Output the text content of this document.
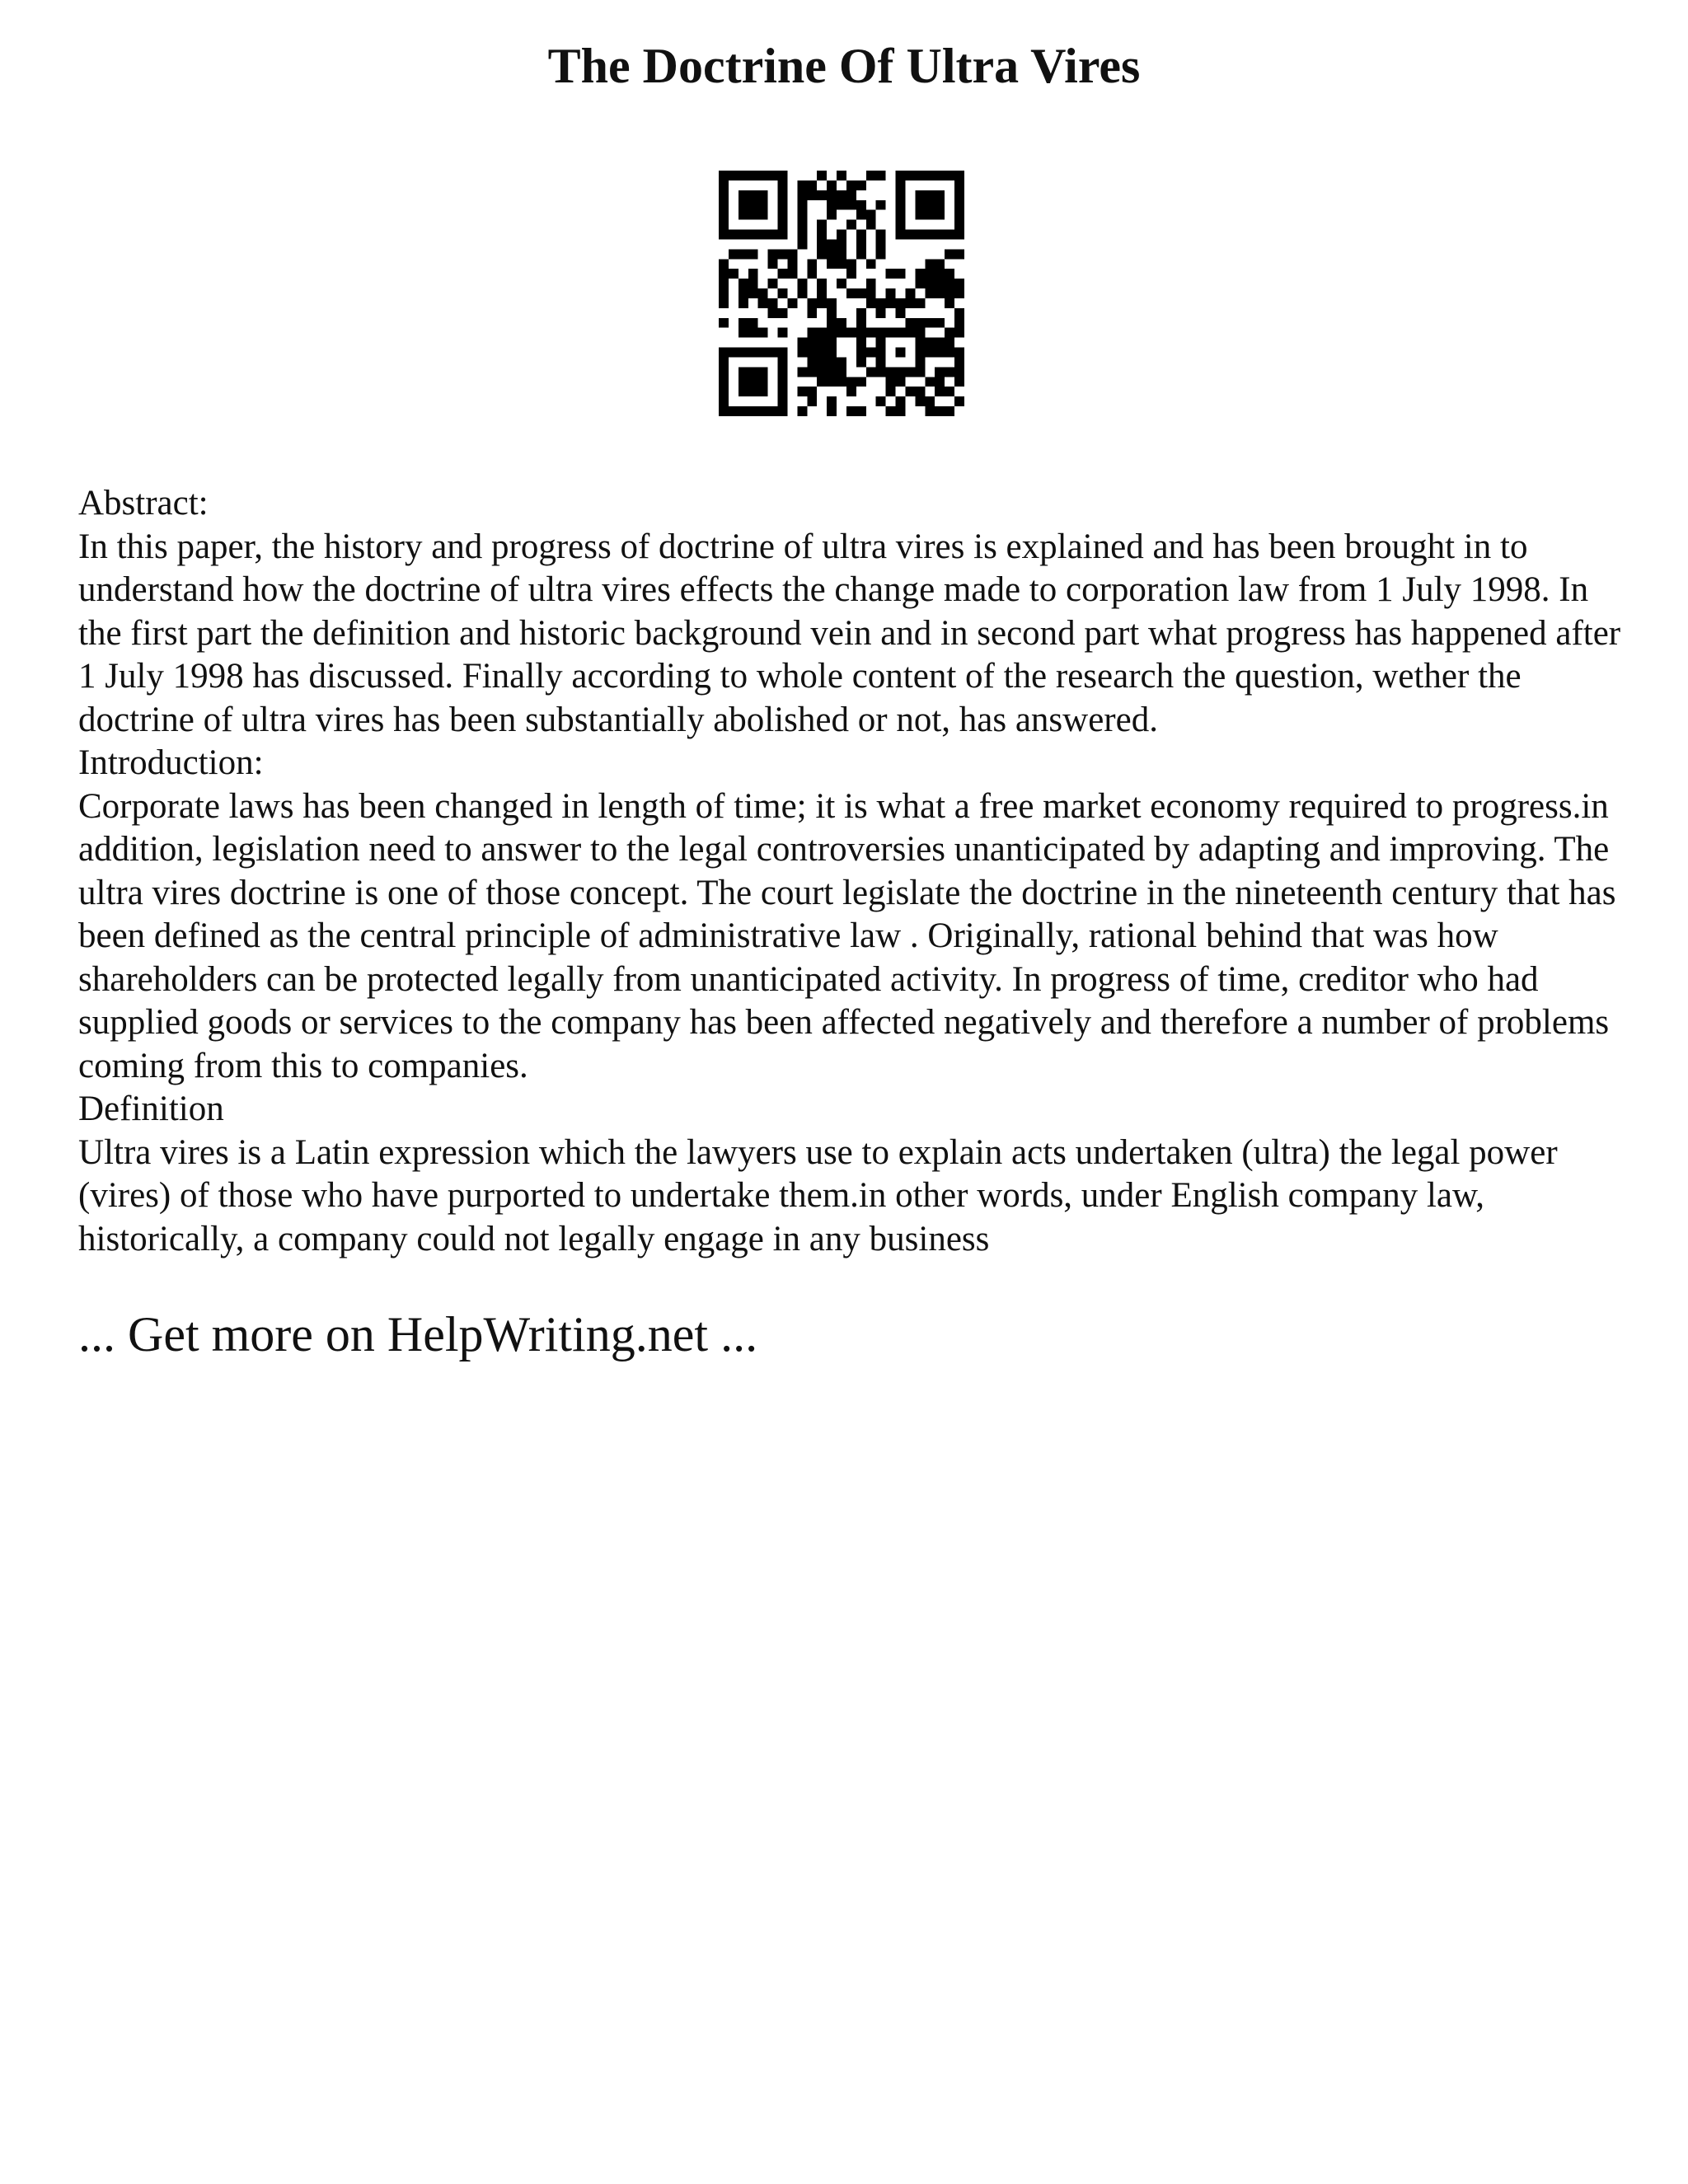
The Doctrine Of Ultra Vires

Abstract:

In this paper, the history and progress of doctrine of ultra vires is explained and has been brought in to understand how the doctrine of ultra vires effects the change made to corporation law from 1 July 1998. In the first part the definition and historic background vein and in second part what progress has happened after 1 July 1998 has discussed. Finally according to whole content of the research the question, wether the doctrine of ultra vires has been substantially abolished or not, has answered.

Introduction:

Corporate laws has been changed in length of time; it is what a free market economy required to progress.in addition, legislation need to answer to the legal controversies unanticipated by adapting and improving. The ultra vires doctrine is one of those concept. The court legislate the doctrine in the nineteenth century that has been defined as the central principle of administrative law . Originally, rational behind that was how shareholders can be protected legally from unanticipated activity. In progress of time, creditor who had supplied goods or services to the company has been affected negatively and therefore a number of problems coming from this to companies.

Definition

Ultra vires is a Latin expression which the lawyers use to explain acts undertaken (ultra) the legal power (vires) of those who have purported to undertake them.in other words, under English company law, historically, a company could not legally engage in any business

... Get more on HelpWriting.net ...
